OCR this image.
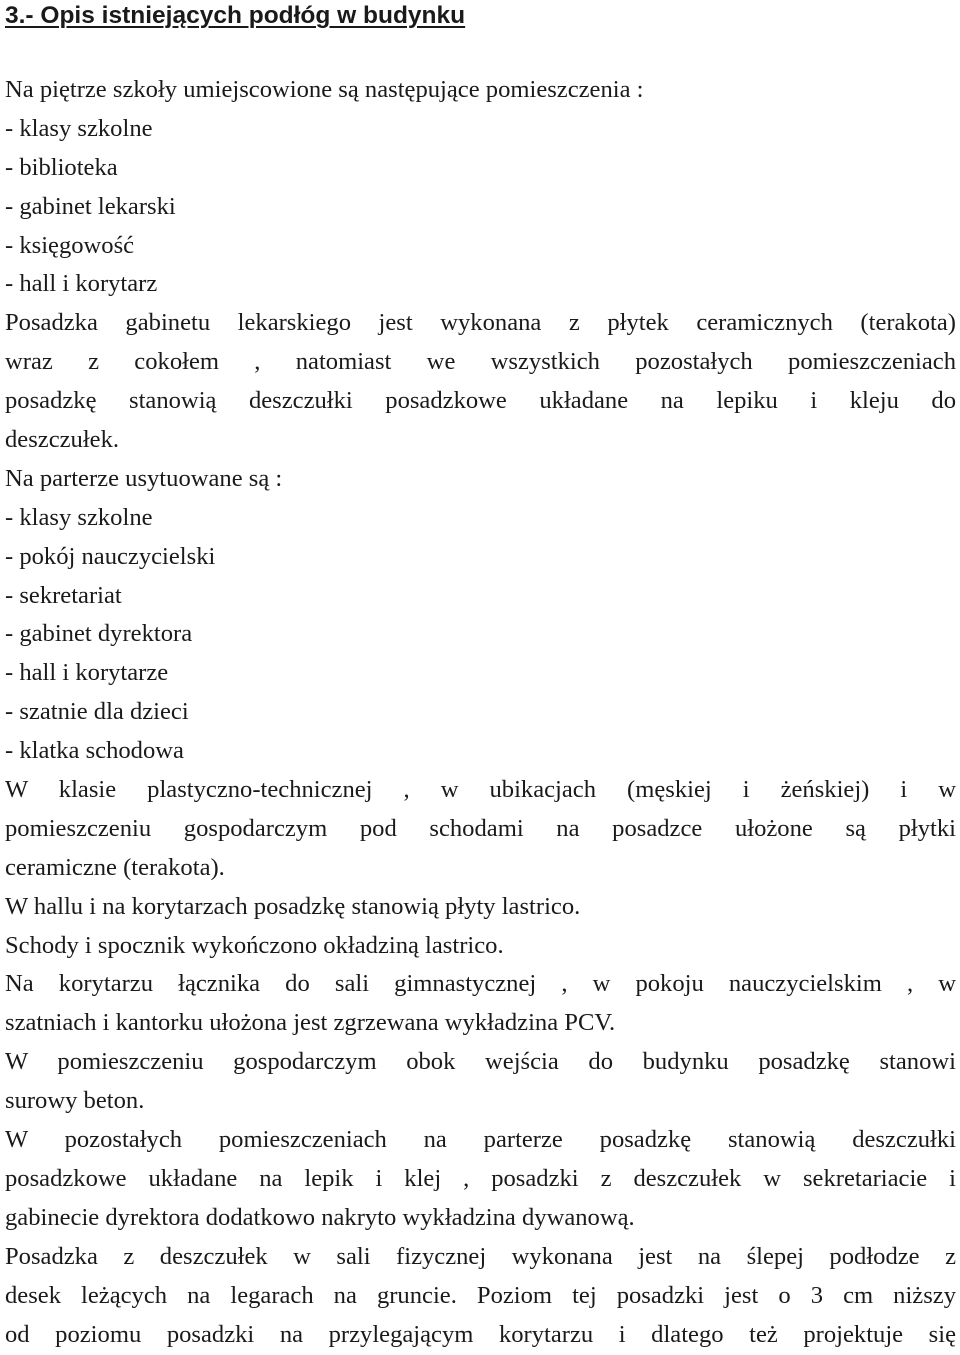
3.- Opis istniejących podłóg w budynku
Na piętrze szkoły umiejscowione są następujące pomieszczenia :
- klasy szkolne
- biblioteka
- gabinet lekarski
- księgowość
- hall i korytarz
Posadzka gabinetu lekarskiego jest wykonana z płytek ceramicznych (terakota)
wraz z cokołem , natomiast we wszystkich pozostałych pomieszczeniach
posadzkę stanowią deszczułki posadzkowe układane na lepiku i kleju do
deszczułek.
Na parterze usytuowane są :
- klasy szkolne
- pokój nauczycielski
- sekretariat
- gabinet dyrektora
- hall i korytarze
- szatnie dla dzieci
- klatka schodowa
W klasie plastyczno-technicznej , w ubikacjach (męskiej i żeńskiej) i w
pomieszczeniu gospodarczym pod schodami na posadzce ułożone są płytki
ceramiczne (terakota).
W hallu i na korytarzach posadzkę stanowią płyty lastrico.
Schody i spocznik wykończono okładziną lastrico.
Na korytarzu łącznika do sali gimnastycznej , w pokoju nauczycielskim , w
szatniach i kantorku ułożona jest zgrzewana wykładzina PCV.
W pomieszczeniu gospodarczym obok wejścia do budynku posadzkę stanowi
surowy beton.
W pozostałych pomieszczeniach na parterze posadzkę stanowią deszczułki
posadzkowe układane na lepik i klej , posadzki z deszczułek w sekretariacie i
gabinecie dyrektora dodatkowo nakryto wykładzina dywanową.
Posadzka z deszczułek w sali fizycznej wykonana jest na ślepej podłodze z
desek leżących na legarach na gruncie. Poziom tej posadzki jest o 3 cm niższy
od poziomu posadzki na przylegającym korytarzu i dlatego też projektuje się
